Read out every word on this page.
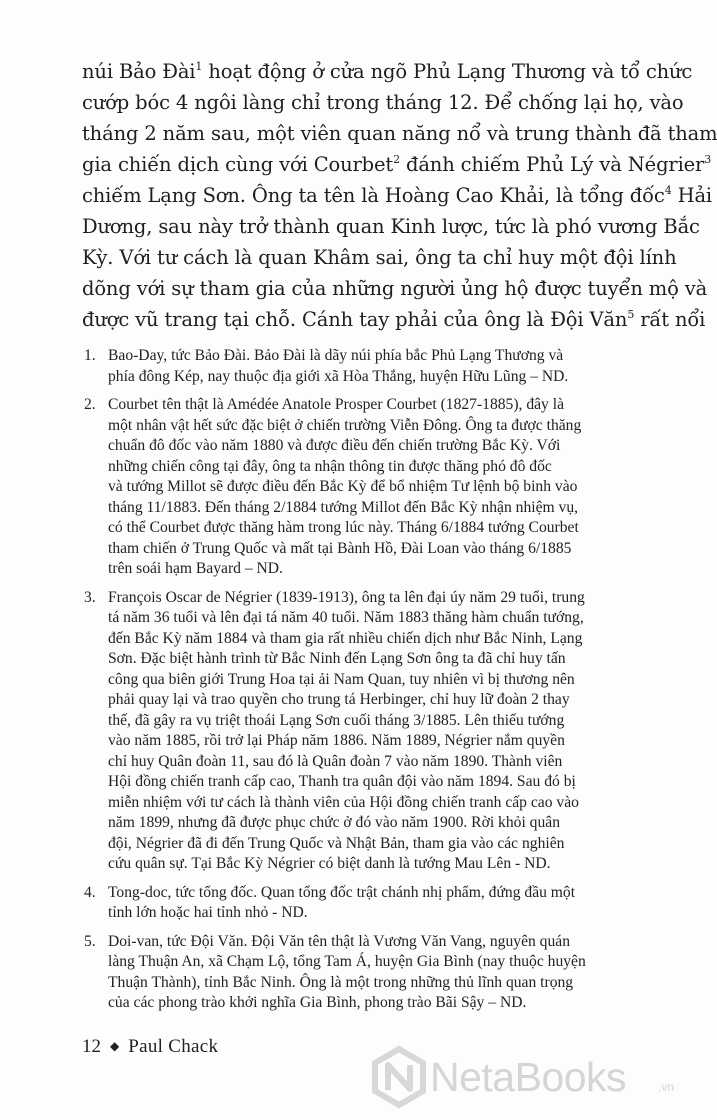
núi Bảo Đài$^1$ hoạt động ở cửa ngõ Phủ Lạng Thương và tổ chức
cướp bóc 4 ngôi làng chỉ trong tháng 12. Để chống lại họ, vào
tháng 2 năm sau, một viên quan năng nổ và trung thành đã tham
gia chiến dịch cùng với Courbet$^2$ đánh chiếm Phủ Lý và Négrier$^3$
chiếm Lạng Sơn. Ông ta tên là Hoàng Cao Khải, là tổng đốc$^4$ Hải
Dương, sau này trở thành quan Kinh lược, tức là phó vương Bắc
Kỳ. Với tư cách là quan Khâm sai, ông ta chỉ huy một đội lính
dõng với sự tham gia của những người ủng hộ được tuyển mộ và
được vũ trang tại chỗ. Cánh tay phải của ông là Đội Văn$^5$ rất nổi
1. Bao-Day, tức Bảo Đài. Bảo Đài là dãy núi phía bắc Phủ Lạng Thương và
phía đông Kép, nay thuộc địa giới xã Hòa Thắng, huyện Hữu Lũng – ND.
2. Courbet tên thật là Amédée Anatole Prosper Courbet (1827-1885), đây là
một nhân vật hết sức đặc biệt ở chiến trường Viễn Đông. Ông ta được thăng
chuẩn đô đốc vào năm 1880 và được điều đến chiến trường Bắc Kỳ. Với
những chiến công tại đây, ông ta nhận thông tin được thăng phó đô đốc
và tướng Millot sẽ được điều đến Bắc Kỳ để bổ nhiệm Tư lệnh bộ binh vào
tháng 11/1883. Đến tháng 2/1884 tướng Millot đến Bắc Kỳ nhận nhiệm vụ,
có thể Courbet được thăng hàm trong lúc này. Tháng 6/1884 tướng Courbet
tham chiến ở Trung Quốc và mất tại Bành Hồ, Đài Loan vào tháng 6/1885
trên soái hạm Bayard – ND.
3. François Oscar de Négrier (1839-1913), ông ta lên đại úy năm 29 tuổi, trung
tá năm 36 tuổi và lên đại tá năm 40 tuổi. Năm 1883 thăng hàm chuẩn tướng,
đến Bắc Kỳ năm 1884 và tham gia rất nhiều chiến dịch như Bắc Ninh, Lạng
Sơn. Đặc biệt hành trình từ Bắc Ninh đến Lạng Sơn ông ta đã chỉ huy tấn
công qua biên giới Trung Hoa tại ải Nam Quan, tuy nhiên vì bị thương nên
phải quay lại và trao quyền cho trung tá Herbinger, chỉ huy lữ đoàn 2 thay
thế, đã gây ra vụ triệt thoái Lạng Sơn cuối tháng 3/1885. Lên thiếu tướng
vào năm 1885, rồi trở lại Pháp năm 1886. Năm 1889, Négrier nắm quyền
chỉ huy Quân đoàn 11, sau đó là Quân đoàn 7 vào năm 1890. Thành viên
Hội đồng chiến tranh cấp cao, Thanh tra quân đội vào năm 1894. Sau đó bị
miễn nhiệm với tư cách là thành viên của Hội đồng chiến tranh cấp cao vào
năm 1899, nhưng đã được phục chức ở đó vào năm 1900. Rời khỏi quân
đội, Négrier đã đi đến Trung Quốc và Nhật Bản, tham gia vào các nghiên
cứu quân sự. Tại Bắc Kỳ Négrier có biệt danh là tướng Mau Lên - ND.
4. Tong-doc, tức tổng đốc. Quan tổng đốc trật chánh nhị phẩm, đứng đầu một
tỉnh lớn hoặc hai tỉnh nhỏ - ND.
5. Doi-van, tức Đội Văn. Đội Văn tên thật là Vương Văn Vang, nguyên quán
làng Thuận An, xã Chạm Lộ, tổng Tam Á, huyện Gia Bình (nay thuộc huyện
Thuận Thành), tỉnh Bắc Ninh. Ông là một trong những thủ lĩnh quan trọng
của các phong trào khởi nghĩa Gia Bình, phong trào Bãi Sậy – ND.
12 ◆ Paul Chack
NetaBooks	.vn
